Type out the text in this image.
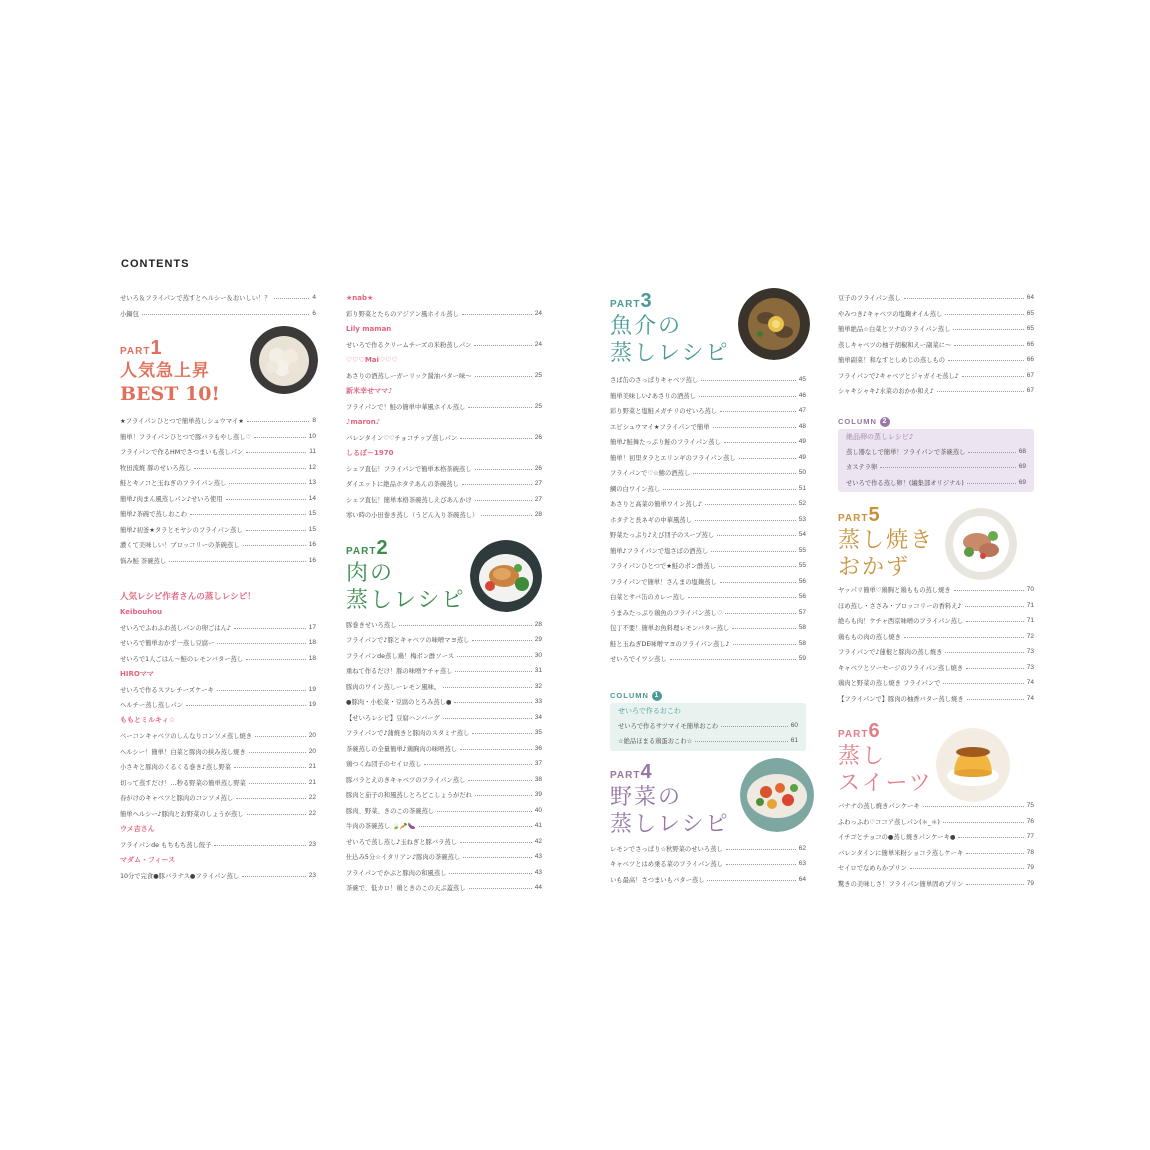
CONTENTS
せいろ＆フライパンで蒸すとヘルシー＆おいしい！？	4
小鍋包	6
PART1
人気急上昇
BEST 10!
★フライパンひとつで簡単蒸しシュウマイ★	8
簡単！フライパンひとつで豚バラもやし蒸し♡	10
フライパンで作るHMでさつまいも蒸しパン	11
牧田流焼 豚のせいろ蒸し	12
鮭とキノコと玉ねぎのフライパン蒸し	13
簡単♪肉まん風蒸しパン♪せいろ使用	14
簡単♪茶碗で蒸しおこわ	15
簡単♪初釜★タラとモヤシのフライパン蒸し	15
濃くて美味しい！ブロッコリーの茶碗蒸し	16
悩み鮭 茶碗蒸し	16
人気レシピ作者さんの蒸しレシピ！
Keibouhou
せいろでふわふわ蒸しパンの卵ごはん♪	17
せいろで簡単おかず一蒸し豆腐ー	18
せいろで1人ごはん〜鮭のレモンバター蒸し	18
HIROママ
せいろで作るスフレチーズケーキ	19
ヘルチー蒸し蒸しパン	19
ももとミルキィ☆
ベーコンキャベツのしんなりコンソメ蒸し焼き	20
ヘルシー！簡単！白菜と豚肉の挟み蒸し焼き	20
小さキと豚肉のくるくる巻き♪蒸し野菜	21
切って蒸すだけ！…秒る野菜の簡単蒸し野菜	21
春がけのキャベツと豚肉のコンソメ蒸し	22
簡単ヘルシー♪豚肉とお野菜のしょうが蒸し	22
ウメ吉さん
フライパンde もちもち蒸し餃子	23
マダム・フィース
10分で完食●豚バラナス●フライパン蒸し	23
★nab★
彩り野菜とたらのアジアン風ホイル蒸し	24
Lily maman
せいろで作るクリームチーズの米粉蒸しパン	24
♡♡♡Mai♡♡♡
あさりの酒蒸しーガーリック醤油バター味〜	25
新米幸せママ♪
フライパンで！鮭の簡単中華風ホイル蒸し	25
♪maron♪
バレンタイン♡♡チョコチップ蒸しパン	26
しるぼー1970
シェフ直伝！フライパンで簡単本格茶碗蒸し	26
ダイエットに絶品ホタテあんの茶碗蒸し	27
シェフ直伝！簡単本格茶碗蒸しえびあんかけ	27
寒い時の小田巻き蒸し（うどん入り茶碗蒸し）	28
PART2
肉の
蒸しレシピ
豚巻きせいろ蒸し	28
フライパンで♪豚とキャベツの味噌マヨ蒸し	29
フライパンde蒸し鶏！梅ポン酢ソース	30
重ねて作るだけ！豚の味噌ケチャ蒸し	31
豚肉のワイン蒸しーレモン風味。	32
●豚肉・小松菜・豆腐のとろみ蒸し●	33
【せいろレシピ】豆腐ハンバーグ	34
フライパンで♪蒲焼きと豚肉のスタミナ蒸し	35
茶碗蒸しの全量簡単♪鶏胸肉の味噌蒸し	36
鶏つくね団子のセイロ蒸し	37
豚バラとえのきキャベツのフライパン蒸し	38
豚肉と茄子の和風蒸しとろどこしょうがだれ	39
豚肉、野菜、きのこの茶碗蒸し	40
牛肉の茶碗蒸し 🍃🥕🍆	41
せいろで蒸し蒸し♪玉ねぎと豚バラ蒸し	42
仕込み5分☆イタリアン♪豚肉の茶碗蒸し	43
フライパンでかぶと豚肉の和風蒸し	43
茶碗で、低カロ！鶏ときのこの天ぷ蓋蒸し	44
PART3
魚介の
蒸しレシピ
さば缶のさっぱりキャベツ蒸し	45
簡単美味しい♪あさりの酒蒸し	46
彩り野菜と塩鮭メガチリのせいろ蒸し	47
エビシュウマイ★フライパンで簡単	48
簡単♪鮭舞たっぷり鮭のフライパン蒸し	49
簡単！初里タラとエリンギのフライパン蒸し	49
フライパンで♡☆鯵の酒蒸し	50
鯛の白ワイン蒸し	51
あさりと高菜の簡単ワイン蒸し♪	52
ホタテと長ネギの中華風蒸し	53
野菜たっぷり♪えび団子のスープ蒸し	54
簡単♪フライパンで塩さばの酒蒸し	55
フライパンひとつで★鮭のポン酢蒸し	55
フライパンで簡単！さんまの塩麹蒸し	56
白菜とサバ缶のカレー蒸し	56
うまみたっぷり鶏魚のフライパン蒸し♡	57
包丁不要！簡単お魚料理レモンバター蒸し	58
鮭と玉ねぎDE味噌マヨのフライパン蒸し♪	58
せいろでイワシ蒸し	59
COLUMN 1
せいろで作るおこわ
せいろで作るサツマイモ簡単おこわ	60
☆絶品ほまる鶏蛋おこわ☆	61
PART4
野菜の
蒸しレシピ
レモンでさっぱり☆秋野菜のせいろ蒸し	62
キャベツとはめ乗る菜のフライパン蒸し	63
いも最高！さつまいもバター蒸し	64
豆子のフライパン蒸し	64
やみつき♪キャベツの塩麹オイル蒸し	65
簡単絶品☆白菜とツナのフライパン蒸し	65
蒸しキャベツの柚子胡椒和えー副菜に〜	66
簡単副菜！和なすとしめじの蒸しもの	66
フライパンで♪キャベツとジャガイモ蒸し♪	67
シャキシャキ♪水菜のおかか和え♪	67
COLUMN 2
絶品卵の蒸しレシピ♪
蒸し器なしで簡単！フライパンで茶碗蒸し	68
カステラ卵	69
せいろで作る蒸し卵！(編集部オリジナル)	69
PART5
蒸し焼き
おかず
ヤッパリ簡単♡鶏胸と鶏ももの蒸し焼き	70
ほめ蒸し・ささみ・ブロッコリーの香料え♪	71
絶らも肉！ケチャ西京味噌のフライパン蒸し	71
鶏ももの肉の蒸し焼き	72
フライパンで♪蓮根と豚肉の蒸し焼き	73
キャベツとソーセージのフライパン蒸し焼き	73
鶏肉と野菜の蒸し焼き フライパンで	74
【フライパンで】豚肉の柚香バター蒸し焼き	74
PART6
蒸し
スイーツ
バナナの蒸し焼きパンケーキ	75
ふわっふわ♡ココア蒸しパン(＊_＊)	76
イチゴとチョコの●蒸し焼きパンケーキ●	77
バレンタインに簡単米粉ショコラ蒸しケーキ	78
セイロでなめらかプリン	79
驚きの美味しさ！フライパン簡単固めプリン	79
